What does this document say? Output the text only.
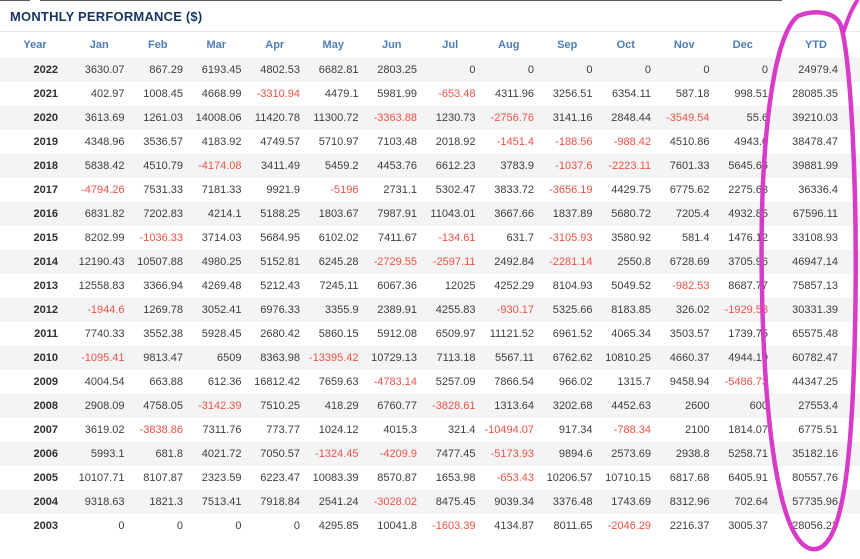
MONTHLY PERFORMANCE ($)
Year	Jan	Feb	Mar	Apr	May	Jun	Jul	Aug	Sep	Oct	Nov	Dec	YTD
2022	3630.07	867.29	6193.45	4802.53	6682.81	2803.25	0	0	0	0	0	0	24979.4
2021	402.97	1008.45	4668.99	-3310.94	4479.1	5981.99	-653.48	4311.96	3256.51	6354.11	587.18	998.51	28085.35
2020	3613.69	1261.03	14008.06	11420.78	11300.72	-3363.88	1230.73	-2756.76	3141.16	2848.44	-3549.54	55.6	39210.03
2019	4348.96	3536.57	4183.92	4749.57	5710.97	7103.48	2018.92	-1451.4	-188.56	-988.42	4510.86	4943.6	38478.47
2018	5838.42	4510.79	-4174.08	3411.49	5459.2	4453.76	6612.23	3783.9	-1037.6	-2223.11	7601.33	5645.66	39881.99
2017	-4794.26	7531.33	7181.33	9921.9	-5196	2731.1	5302.47	3833.72	-3656.19	4429.75	6775.62	2275.63	36336.4
2016	6831.82	7202.83	4214.1	5188.25	1803.67	7987.91	11043.01	3667.66	1837.89	5680.72	7205.4	4932.85	67596.11
2015	8202.99	-1036.33	3714.03	5684.95	6102.02	7411.67	-134.61	631.7	-3105.93	3580.92	581.4	1476.12	33108.93
2014	12190.43	10507.88	4980.25	5152.81	6245.28	-2729.55	-2597.11	2492.84	-2281.14	2550.8	6728.69	3705.96	46947.14
2013	12558.83	3366.94	4269.48	5212.43	7245.11	6067.36	12025	4252.29	8104.93	5049.52	-982.53	8687.77	75857.13
2012	-1944.6	1269.78	3052.41	6976.33	3355.9	2389.91	4255.83	-930.17	5325.66	8183.85	326.02	-1929.53	30331.39
2011	7740.33	3552.38	5928.45	2680.42	5860.15	5912.08	6509.97	11121.52	6961.52	4065.34	3503.57	1739.75	65575.48
2010	-1095.41	9813.47	6509	8363.98	-13395.42	10729.13	7113.18	5567.11	6762.62	10810.25	4660.37	4944.19	60782.47
2009	4004.54	663.88	612.36	16812.42	7659.63	-4783.14	5257.09	7866.54	966.02	1315.7	9458.94	-5486.73	44347.25
2008	2908.09	4758.05	-3142.39	7510.25	418.29	6760.77	-3828.61	1313.64	3202.68	4452.63	2600	600	27553.4
2007	3619.02	-3838.86	7311.76	773.77	1024.12	4015.3	321.4	-10494.07	917.34	-788.34	2100	1814.07	6775.51
2006	5993.1	681.8	4021.72	7050.57	-1324.45	-4209.9	7477.45	-5173.93	9894.6	2573.69	2938.8	5258.71	35182.16
2005	10107.71	8107.87	2323.59	6223.47	10083.39	8570.87	1653.98	-653.43	10206.57	10710.15	6817.68	6405.91	80557.76
2004	9318.63	1821.3	7513.41	7918.84	2541.24	-3028.02	8475.45	9039.34	3376.48	1743.69	8312.96	702.64	57735.96
2003	0	0	0	0	4295.85	10041.8	-1603.39	4134.87	8011.65	-2046.29	2216.37	3005.37	28056.23
